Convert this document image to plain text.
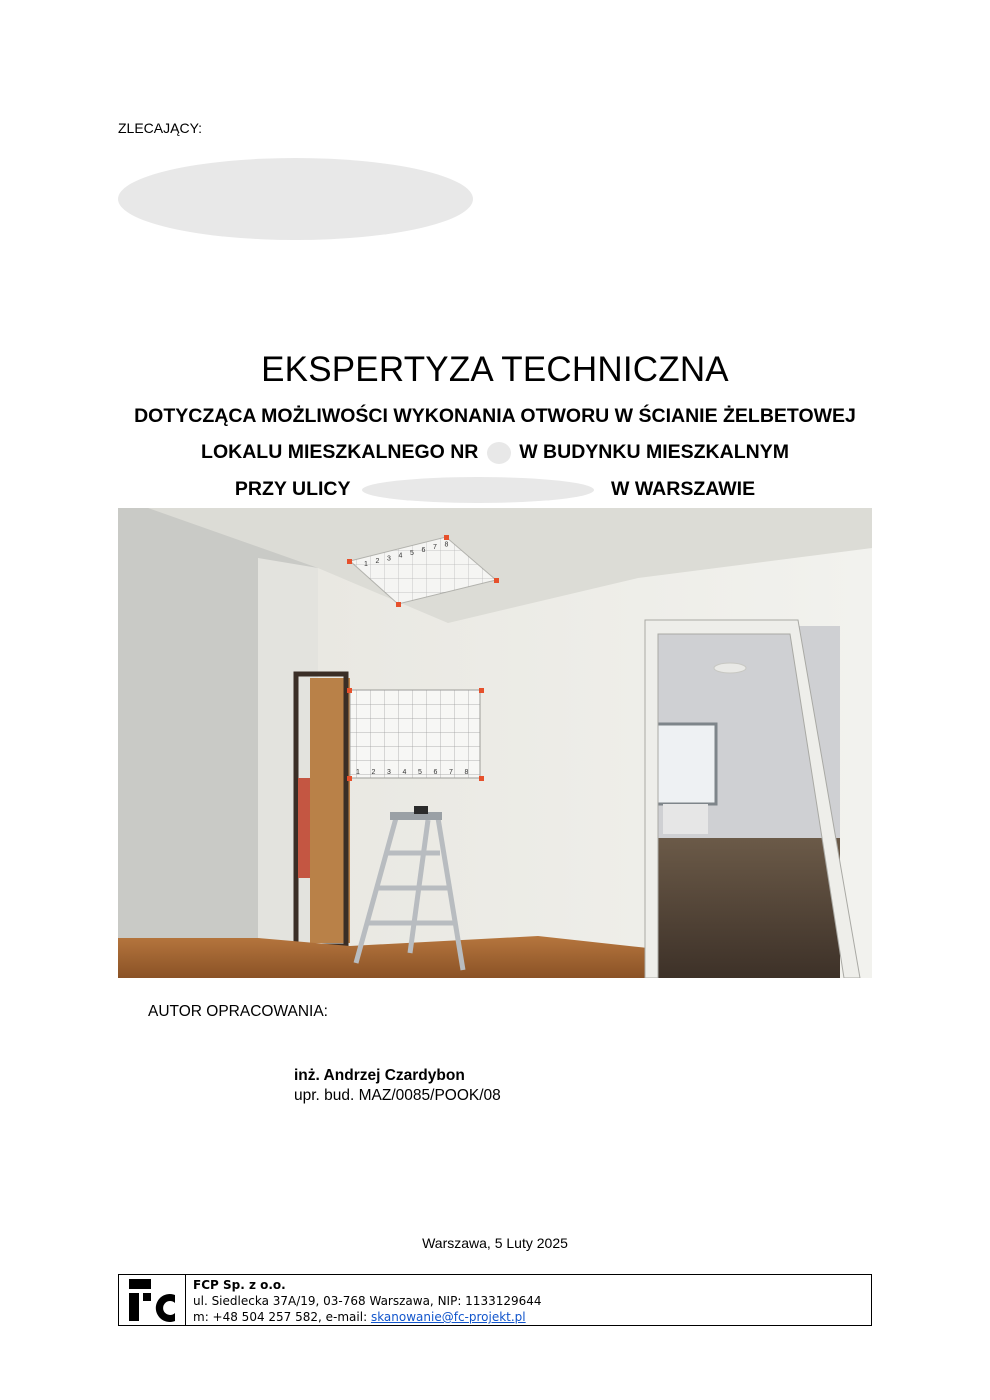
ZLECAJĄCY:
EKSPERTYZA TECHNICZNA
DOTYCZĄCA MOŻLIWOŚCI WYKONANIA OTWORU W ŚCIANIE ŻELBETOWEJ
LOKALU MIESZKALNEGO NR W BUDYNKU MIESZKALNYM
PRZY ULICY	W WARSZAWIE
1 2 3 4 5 6 7 8
1 2 3 4 5 6 7 8
AUTOR OPRACOWANIA:
inż. Andrzej Czardybon
upr. bud. MAZ/0085/POOK/08
Warszawa, 5 Luty 2025
FCP Sp. z o.o.
ul. Siedlecka 37A/19, 03-768 Warszawa, NIP: 1133129644
m: +48 504 257 582, e-mail: skanowanie@fc-projekt.pl
